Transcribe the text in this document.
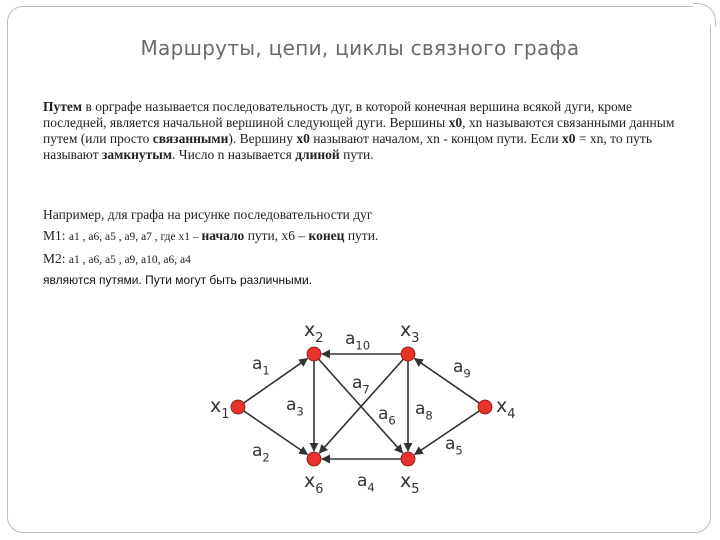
Маршруты, цепи, циклы связного графа

Путем в орграфе называется последовательность дуг, в которой конечная вершина всякой дуги, кроме последней, является начальной вершиной следующей дуги. Вершины x0, xn называются связанными данным путем (или просто связанными). Вершину x0 называют началом, xn - концом пути. Если x0 = xn, то путь называют замкнутым. Число n называется длиной пути.

Например, для графа на рисунке последовательности дуг

М1: a1 , a6, a5 , a9, a7 , где x1 – начало пути, x6 – конец пути.

М2: a1 , a6, a5 , a9, a10, a6, a4

являются путями. Пути могут быть различными.

$a_1$
$a_2$
$a_3$
$a_4$
$a_5$
$a_6$
$a_7$
$a_8$
$a_9$
$a_{10}$
$x_1$
$x_2$	$x_3$
$x_4$
$x_5$
$x_6$
